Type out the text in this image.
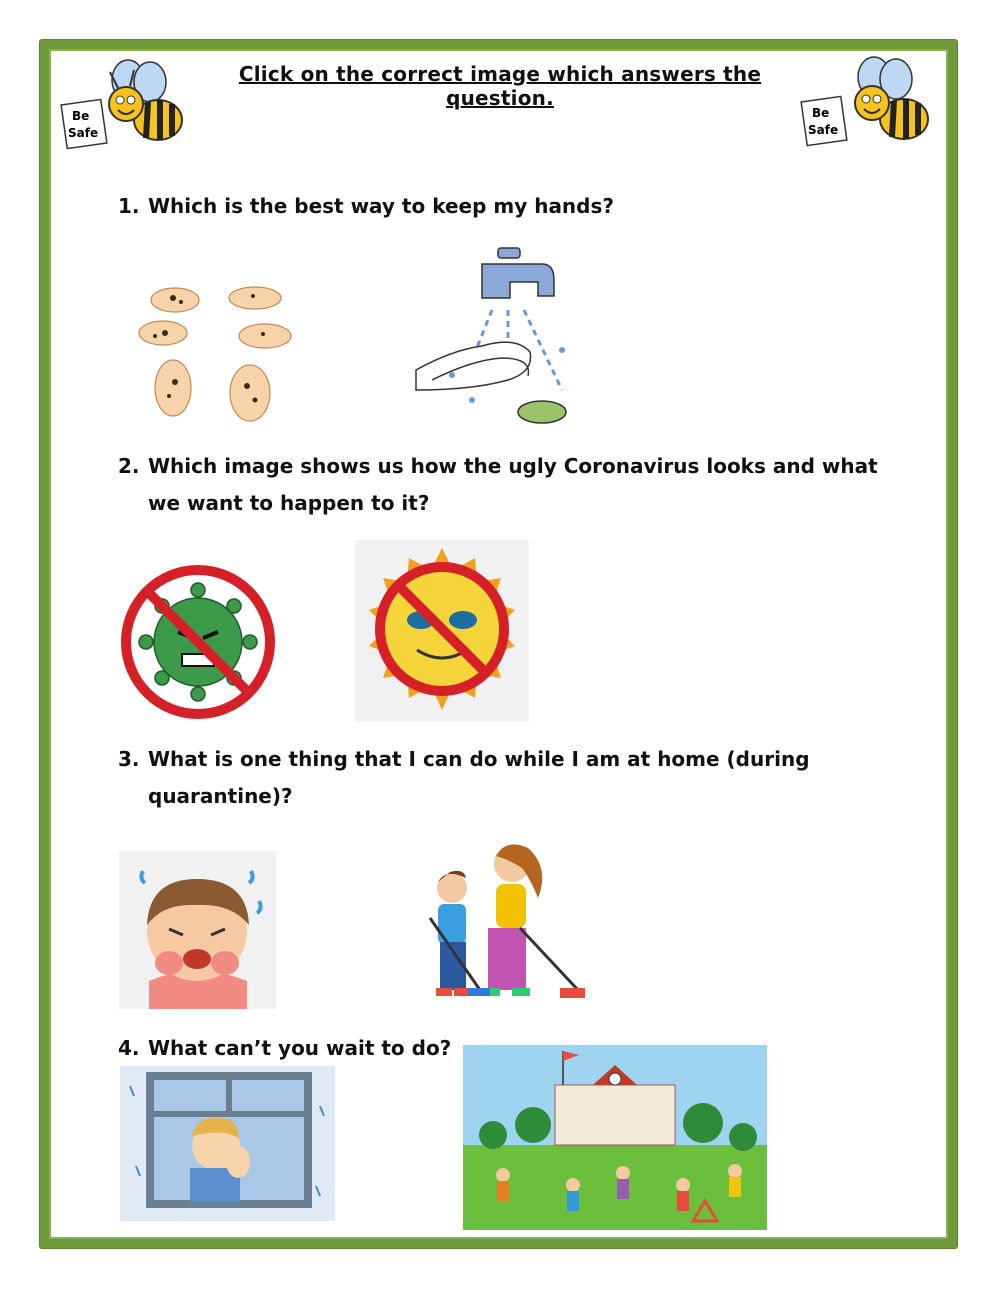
Be
Safe
Be
Safe
Click on the correct image which answers the question.
1. Which is the best way to keep my hands?
2. Which image shows us how the ugly Coronavirus looks and what we want to happen to it?
3. What is one thing that I can do while I am at home (during quarantine)?
4. What can’t you wait to do?
